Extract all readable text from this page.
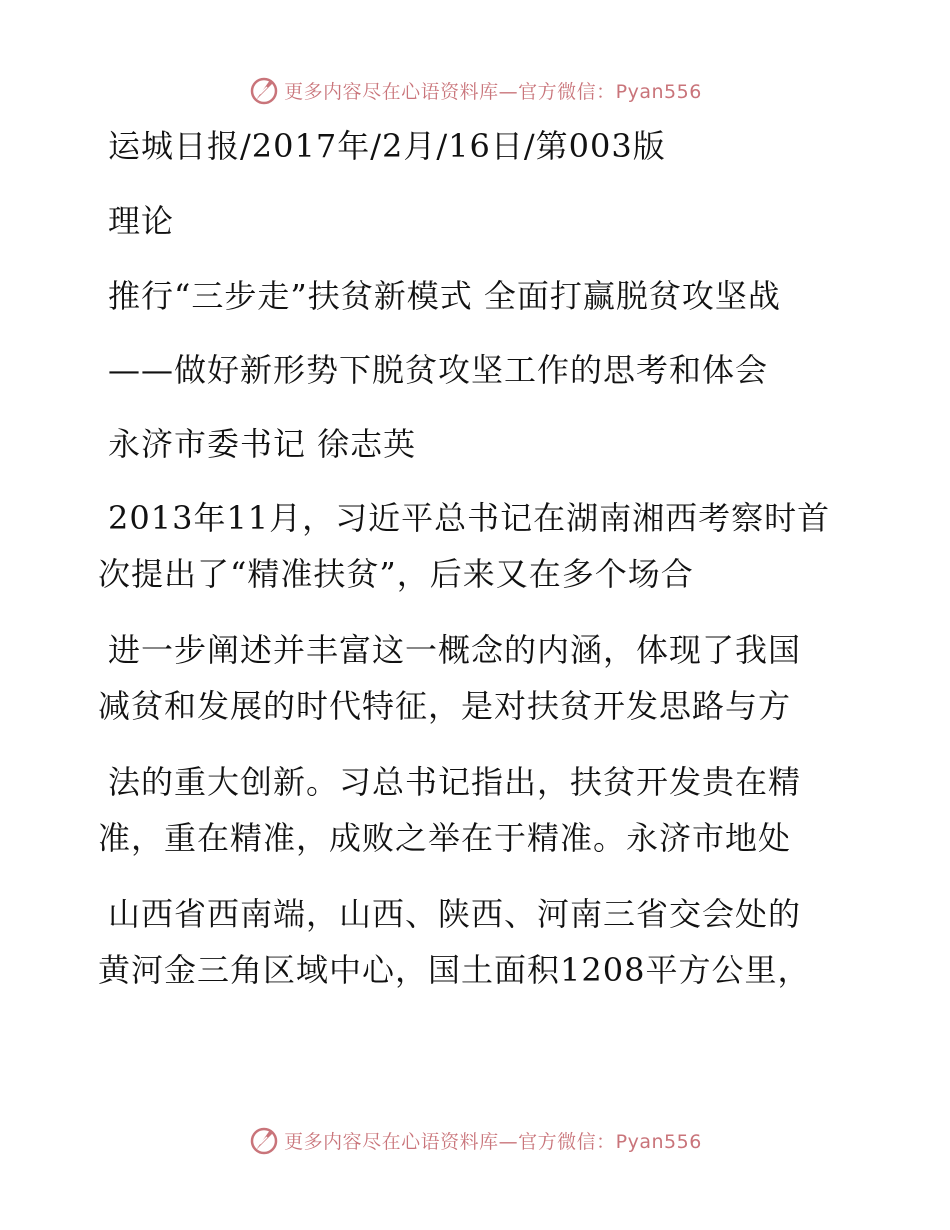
更多内容尽在心语资料库—官方微信：Pyan556
运城日报/2017年/2月/16日/第003版
理论
推行“三步走”扶贫新模式 全面打赢脱贫攻坚战
——做好新形势下脱贫攻坚工作的思考和体会
永济市委书记 徐志英
2013年11月，习近平总书记在湖南湘西考察时首
次提出了“精准扶贫”，后来又在多个场合
进一步阐述并丰富这一概念的内涵，体现了我国
减贫和发展的时代特征，是对扶贫开发思路与方
法的重大创新。习总书记指出，扶贫开发贵在精
准，重在精准，成败之举在于精准。永济市地处
山西省西南端，山西、陕西、河南三省交会处的
黄河金三角区域中心，国土面积1208平方公里，
更多内容尽在心语资料库—官方微信：Pyan556
